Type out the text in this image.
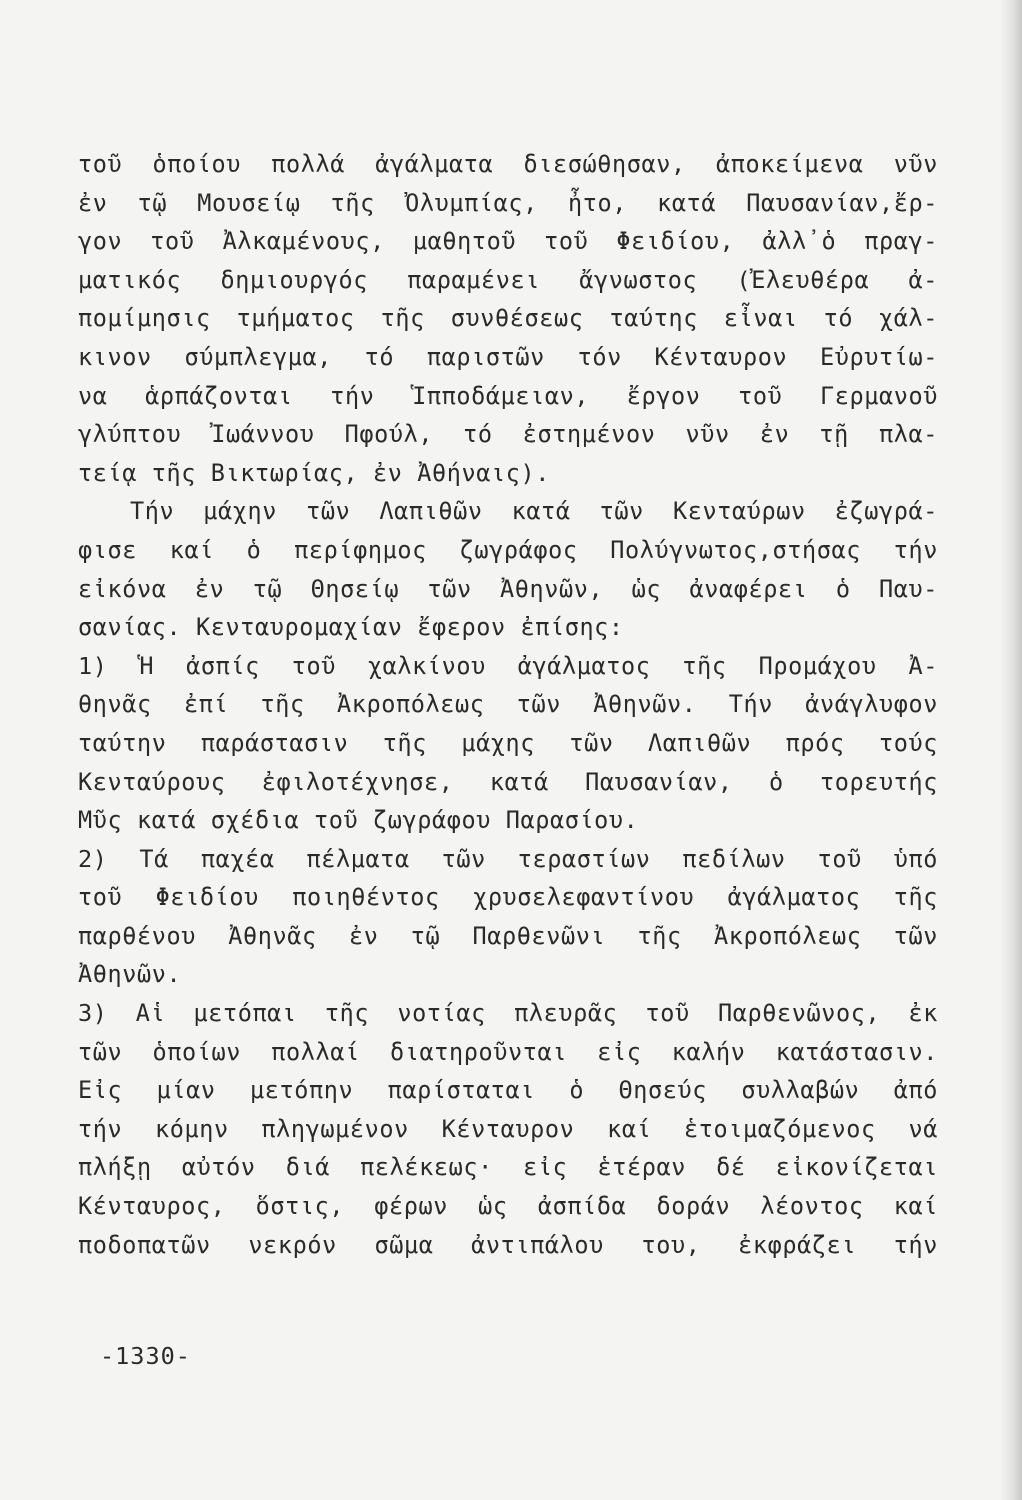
τοῦ ὁποίου πολλά ἀγάλματα διεσώθησαν, ἀποκείμενα νῦν
ἐν τῷ Μουσείῳ τῆς Ὀλυμπίας, ἦτο, κατά Παυσανίαν,ἔρ-
γον τοῦ Ἀλκαμένους, μαθητοῦ τοῦ Φειδίου, ἀλλ᾽ὁ πραγ-
ματικός δημιουργός παραμένει ἄγνωστος (Ἐλευθέρα ἀ-
πομίμησις τμήματος τῆς συνθέσεως ταύτης εἶναι τό χάλ-
κινον σύμπλεγμα, τό παριστῶν τόν Κένταυρον Εὐρυτίω-
να ἁρπάζονται τήν Ἱπποδάμειαν, ἔργον τοῦ Γερμανοῦ
γλύπτου Ἰωάννου Πφούλ, τό ἐστημένον νῦν ἐν τῇ πλα-
τείᾳ τῆς Βικτωρίας, ἐν Ἀθήναις).
Τήν μάχην τῶν Λαπιθῶν κατά τῶν Κενταύρων ἐζωγρά-
φισε καί ὁ περίφημος ζωγράφος Πολύγνωτος,στήσας τήν
εἰκόνα ἐν τῷ Θησείῳ τῶν Ἀθηνῶν, ὡς ἀναφέρει ὁ Παυ-
σανίας. Κενταυρομαχίαν ἔφερον ἐπίσης:
1) Ἡ ἀσπίς τοῦ χαλκίνου ἀγάλματος τῆς Προμάχου Ἀ-
θηνᾶς ἐπί τῆς Ἀκροπόλεως τῶν Ἀθηνῶν. Τήν ἀνάγλυφον
ταύτην παράστασιν τῆς μάχης τῶν Λαπιθῶν πρός τούς
Κενταύρους ἐφιλοτέχνησε, κατά Παυσανίαν, ὁ τορευτής
Μῦς κατά σχέδια τοῦ ζωγράφου Παρασίου.
2) Τά παχέα πέλματα τῶν τεραστίων πεδίλων τοῦ ὑπό
τοῦ Φειδίου ποιηθέντος χρυσελεφαντίνου ἀγάλματος τῆς
παρθένου Ἀθηνᾶς ἐν τῷ Παρθενῶνι τῆς Ἀκροπόλεως τῶν
Ἀθηνῶν.
3) Αἱ μετόπαι τῆς νοτίας πλευρᾶς τοῦ Παρθενῶνος, ἐκ
τῶν ὁποίων πολλαί διατηροῦνται εἰς καλήν κατάστασιν.
Εἰς μίαν μετόπην παρίσταται ὁ Θησεύς συλλαβών ἀπό
τήν κόμην πληγωμένον Κένταυρον καί ἑτοιμαζόμενος νά
πλήξῃ αὐτόν διά πελέκεως· εἰς ἑτέραν δέ εἰκονίζεται
Κένταυρος, ὅστις, φέρων ὡς ἀσπίδα δοράν λέοντος καί
ποδοπατῶν νεκρόν σῶμα ἀντιπάλου του, ἐκφράζει τήν
-1330-
